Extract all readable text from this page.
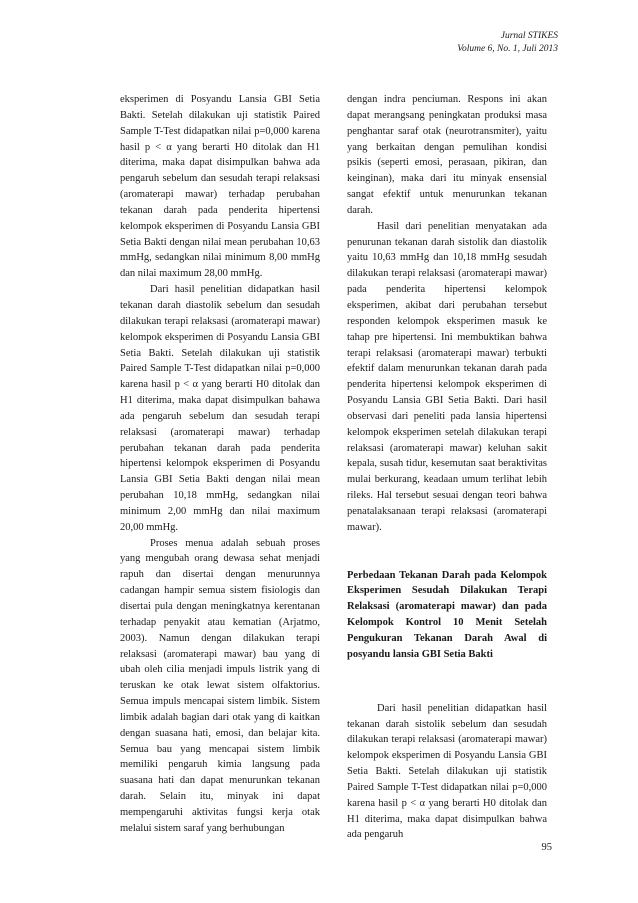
Jurnal STIKES
Volume 6, No. 1, Juli 2013

eksperimen di Posyandu Lansia GBI Setia Bakti. Setelah dilakukan uji statistik Paired Sample T-Test didapatkan nilai p=0,000 karena hasil p < α yang berarti H0 ditolak dan H1 diterima, maka dapat disimpulkan bahwa ada pengaruh sebelum dan sesudah terapi relaksasi (aromaterapi mawar) terhadap perubahan tekanan darah pada penderita hipertensi kelompok eksperimen di Posyandu Lansia GBI Setia Bakti dengan nilai mean perubahan 10,63 mmHg, sedangkan nilai minimum 8,00 mmHg dan nilai maximum 28,00 mmHg.

Dari hasil penelitian didapatkan hasil tekanan darah diastolik sebelum dan sesudah dilakukan terapi relaksasi (aromaterapi mawar) kelompok eksperimen di Posyandu Lansia GBI Setia Bakti. Setelah dilakukan uji statistik Paired Sample T-Test didapatkan nilai p=0,000 karena hasil p < α yang berarti H0 ditolak dan H1 diterima, maka dapat disimpulkan bahawa ada pengaruh sebelum dan sesudah terapi relaksasi (aromaterapi mawar) terhadap perubahan tekanan darah pada penderita hipertensi kelompok eksperimen di Posyandu Lansia GBI Setia Bakti dengan nilai mean perubahan 10,18 mmHg, sedangkan nilai minimum 2,00 mmHg dan nilai maximum 20,00 mmHg.

Proses menua adalah sebuah proses yang mengubah orang dewasa sehat menjadi rapuh dan disertai dengan menurunnya cadangan hampir semua sistem fisiologis dan disertai pula dengan meningkatnya kerentanan terhadap penyakit atau kematian (Arjatmo, 2003). Namun dengan dilakukan terapi relaksasi (aromaterapi mawar) bau yang di ubah oleh cilia menjadi impuls listrik yang di teruskan ke otak lewat sistem olfaktorius. Semua impuls mencapai sistem limbik. Sistem limbik adalah bagian dari otak yang di kaitkan dengan suasana hati, emosi, dan belajar kita. Semua bau yang mencapai sistem limbik memiliki pengaruh kimia langsung pada suasana hati dan dapat menurunkan tekanan darah. Selain itu, minyak ini dapat mempengaruhi aktivitas fungsi kerja otak melalui sistem saraf yang berhubungan

dengan indra penciuman. Respons ini akan dapat merangsang peningkatan produksi masa penghantar saraf otak (neurotransmiter), yaitu yang berkaitan dengan pemulihan kondisi psikis (seperti emosi, perasaan, pikiran, dan keinginan), maka dari itu minyak ensensial sangat efektif untuk menurunkan tekanan darah.

Hasil dari penelitian menyatakan ada penurunan tekanan darah sistolik dan diastolik yaitu 10,63 mmHg dan 10,18 mmHg sesudah dilakukan terapi relaksasi (aromaterapi mawar) pada penderita hipertensi kelompok eksperimen, akibat dari perubahan tersebut responden kelompok eksperimen masuk ke tahap pre hipertensi. Ini membuktikan bahwa terapi relaksasi (aromaterapi mawar) terbukti efektif dalam menurunkan tekanan darah pada penderita hipertensi kelompok eksperimen di Posyandu Lansia GBI Setia Bakti. Dari hasil observasi dari peneliti pada lansia hipertensi kelompok eksperimen setelah dilakukan terapi relaksasi (aromaterapi mawar) keluhan sakit kepala, susah tidur, kesemutan saat beraktivitas mulai berkurang, keadaan umum terlihat lebih rileks. Hal tersebut sesuai dengan teori bahwa penatalaksanaan terapi relaksasi (aromaterapi mawar).

Perbedaan Tekanan Darah pada Kelompok Eksperimen Sesudah Dilakukan Terapi Relaksasi (aromaterapi mawar) dan pada Kelompok Kontrol 10 Menit Setelah Pengukuran Tekanan Darah Awal di posyandu lansia GBI Setia Bakti

Dari hasil penelitian didapatkan hasil tekanan darah sistolik sebelum dan sesudah dilakukan terapi relaksasi (aromaterapi mawar) kelompok eksperimen di Posyandu Lansia GBI Setia Bakti. Setelah dilakukan uji statistik Paired Sample T-Test didapatkan nilai p=0,000 karena hasil p < α yang berarti H0 ditolak dan H1 diterima, maka dapat disimpulkan bahwa ada pengaruh

95
